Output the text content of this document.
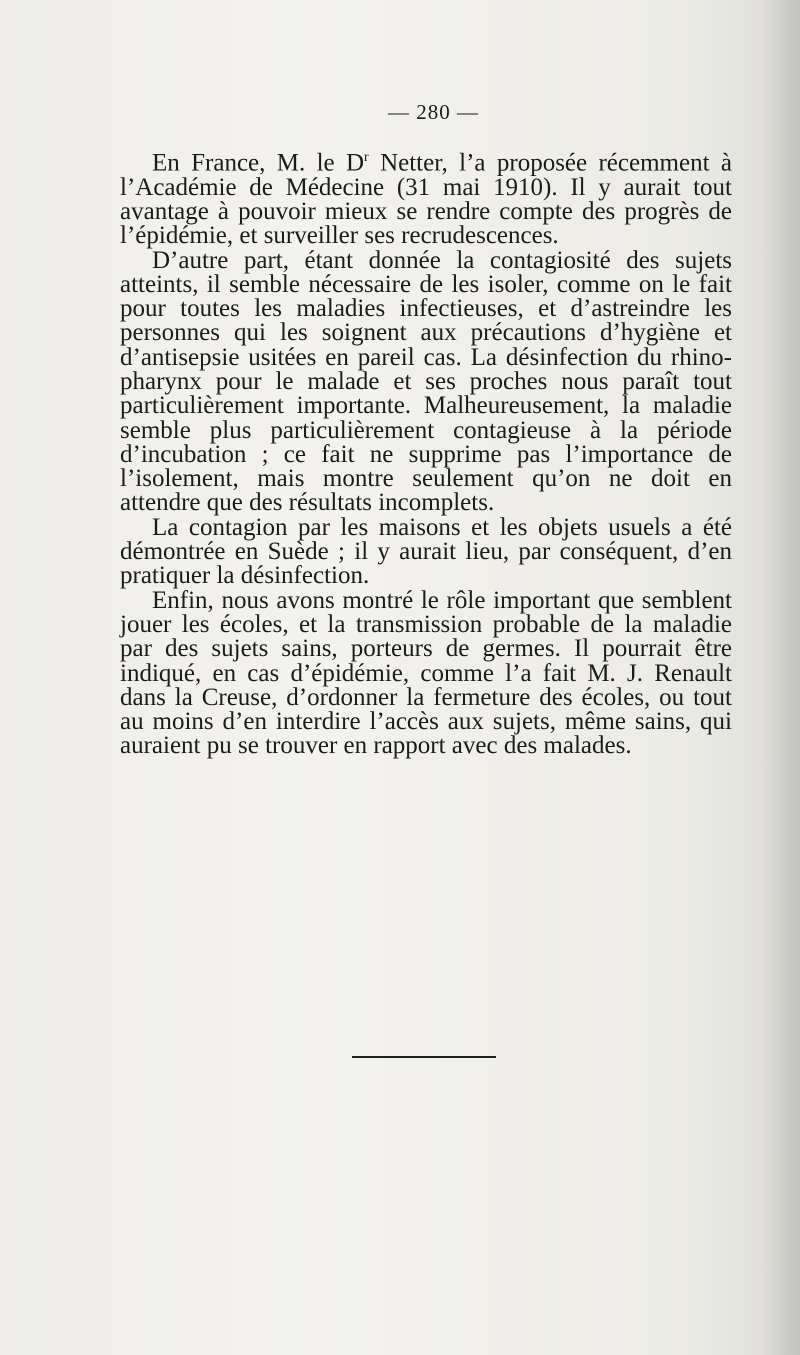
— 280 —

En France, M. le $D^r$ Netter, l’a proposée récemment à l’Académie de Médecine (31 mai 1910). Il y aurait tout avantage à pouvoir mieux se rendre compte des progrès de l’épidémie, et surveiller ses recrudescences.

D’autre part, étant donnée la contagiosité des sujets atteints, il semble nécessaire de les isoler, comme on le fait pour toutes les maladies infectieuses, et d’astreindre les personnes qui les soignent aux précautions d’hygiène et d’antisepsie usitées en pareil cas. La désinfection du rhino-pharynx pour le malade et ses proches nous paraît tout particulièrement importante. Malheureusement, la maladie semble plus particulièrement contagieuse à la période d’incubation ; ce fait ne supprime pas l’importance de l’isolement, mais montre seulement qu’on ne doit en attendre que des résultats incomplets.

La contagion par les maisons et les objets usuels a été démontrée en Suède ; il y aurait lieu, par conséquent, d’en pratiquer la désinfection.

Enfin, nous avons montré le rôle important que semblent jouer les écoles, et la transmission probable de la maladie par des sujets sains, porteurs de germes. Il pourrait être indiqué, en cas d’épidémie, comme l’a fait M. J. Renault dans la Creuse, d’ordonner la fermeture des écoles, ou tout au moins d’en interdire l’accès aux sujets, même sains, qui auraient pu se trouver en rapport avec des malades.
